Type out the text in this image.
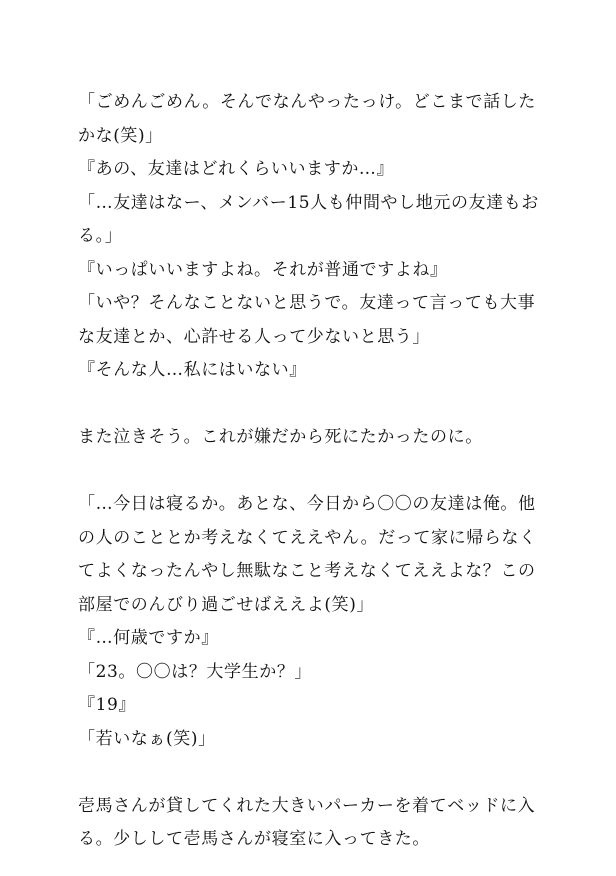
「ごめんごめん。そんでなんやったっけ。どこまで話した
かな(笑)」
『あの、友達はどれくらいいますか…』
「…友達はなー、メンバー15人も仲間やし地元の友達もお
る。」
『いっぱいいますよね。それが普通ですよね』
「いや？そんなことないと思うで。友達って言っても大事
な友達とか、心許せる人って少ないと思う」
『そんな人…私にはいない』
また泣きそう。これが嫌だから死にたかったのに。
「…今日は寝るか。あとな、今日から〇〇の友達は俺。他
の人のこととか考えなくてええやん。だって家に帰らなく
てよくなったんやし無駄なこと考えなくてええよな？この
部屋でのんびり過ごせばええよ(笑)」
『…何歳ですか』
「23。〇〇は？大学生か？」
『19』
「若いなぁ(笑)」
壱馬さんが貸してくれた大きいパーカーを着てベッドに入
る。少しして壱馬さんが寝室に入ってきた。
